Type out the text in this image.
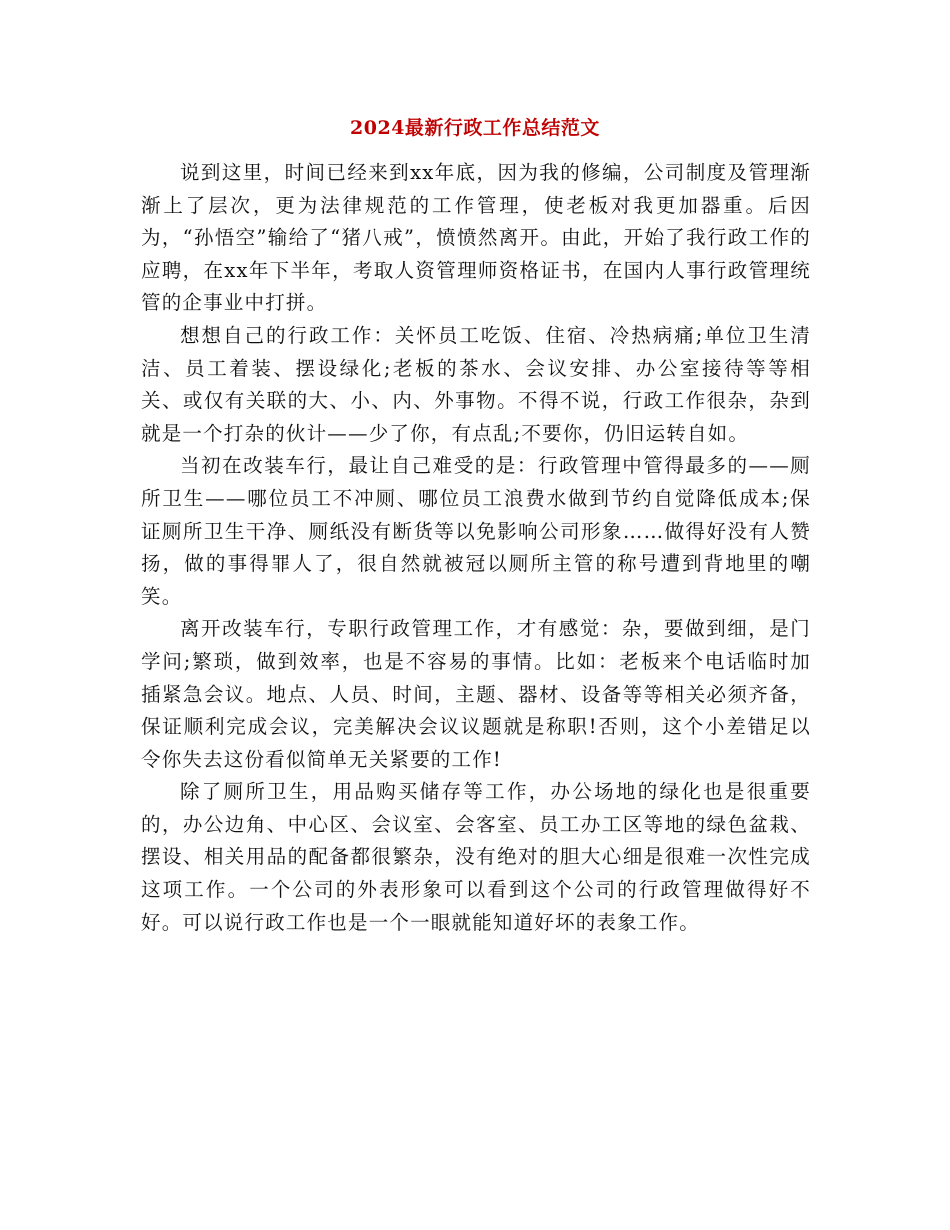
2024最新行政工作总结范文

说到这里，时间已经来到xx年底，因为我的修编，公司制度及管理渐渐上了层次，更为法律规范的工作管理，使老板对我更加器重。后因为，“孙悟空”输给了“猪八戒”，愤愤然离开。由此，开始了我行政工作的应聘，在xx年下半年，考取人资管理师资格证书，在国内人事行政管理统管的企事业中打拼。

想想自己的行政工作：关怀员工吃饭、住宿、冷热病痛;单位卫生清洁、员工着装、摆设绿化;老板的茶水、会议安排、办公室接待等等相关、或仅有关联的大、小、内、外事物。不得不说，行政工作很杂，杂到就是一个打杂的伙计——少了你，有点乱;不要你，仍旧运转自如。

当初在改装车行，最让自己难受的是：行政管理中管得最多的——厕所卫生——哪位员工不冲厕、哪位员工浪费水做到节约自觉降低成本;保证厕所卫生干净、厕纸没有断货等以免影响公司形象……做得好没有人赞扬，做的事得罪人了，很自然就被冠以厕所主管的称号遭到背地里的嘲笑。

离开改装车行，专职行政管理工作，才有感觉：杂，要做到细，是门学问;繁琐，做到效率，也是不容易的事情。比如：老板来个电话临时加插紧急会议。地点、人员、时间，主题、器材、设备等等相关必须齐备，保证顺利完成会议，完美解决会议议题就是称职!否则，这个小差错足以令你失去这份看似简单无关紧要的工作!

除了厕所卫生，用品购买储存等工作，办公场地的绿化也是很重要的，办公边角、中心区、会议室、会客室、员工办工区等地的绿色盆栽、摆设、相关用品的配备都很繁杂，没有绝对的胆大心细是很难一次性完成这项工作。一个公司的外表形象可以看到这个公司的行政管理做得好不好。可以说行政工作也是一个一眼就能知道好坏的表象工作。
